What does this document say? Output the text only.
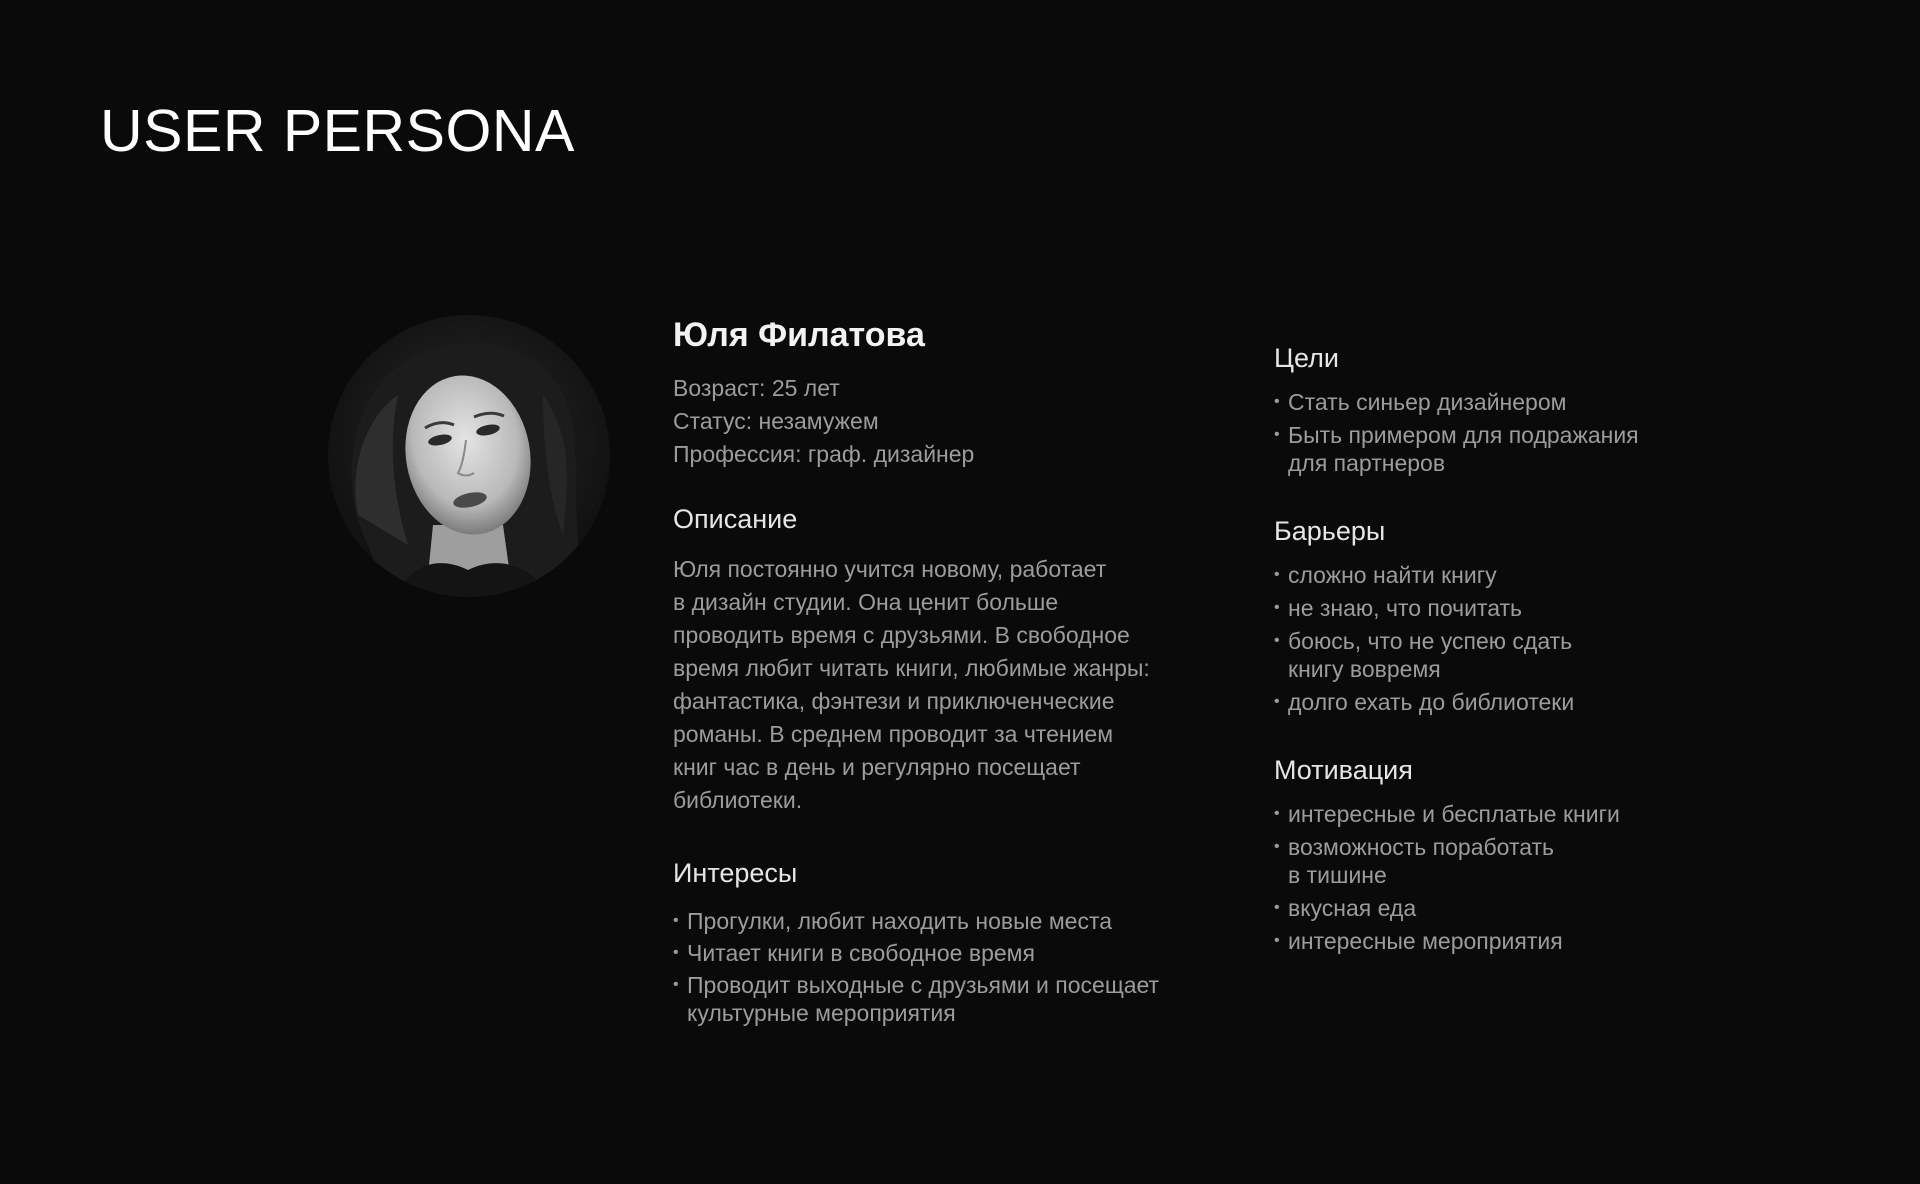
USER PERSONA
Юля Филатова
Возраст: 25 лет
Статус: незамужем
Профессия: граф. дизайнер
Описание

Юля постоянно учится новому, работает
в дизайн студии. Она ценит больше
проводить время с друзьями. В свободное
время любит читать книги, любимые жанры:
фантастика, фэнтези и приключенческие
романы. В среднем проводит за чтением
книг час в день и регулярно посещает
библиотеки.

Интересы
• Прогулки, любит находить новые места
• Читает книги в свободное время
• Проводит выходные с друзьями и посещает
культурные мероприятия
Цели
• Стать синьер дизайнером
• Быть примером для подражания
для партнеров
Барьеры
• сложно найти книгу
• не знаю, что почитать
• боюсь, что не успею сдать
книгу вовремя
• долго ехать до библиотеки
Мотивация
• интересные и бесплатые книги
• возможность поработать
в тишине
• вкусная еда
• интересные мероприятия
